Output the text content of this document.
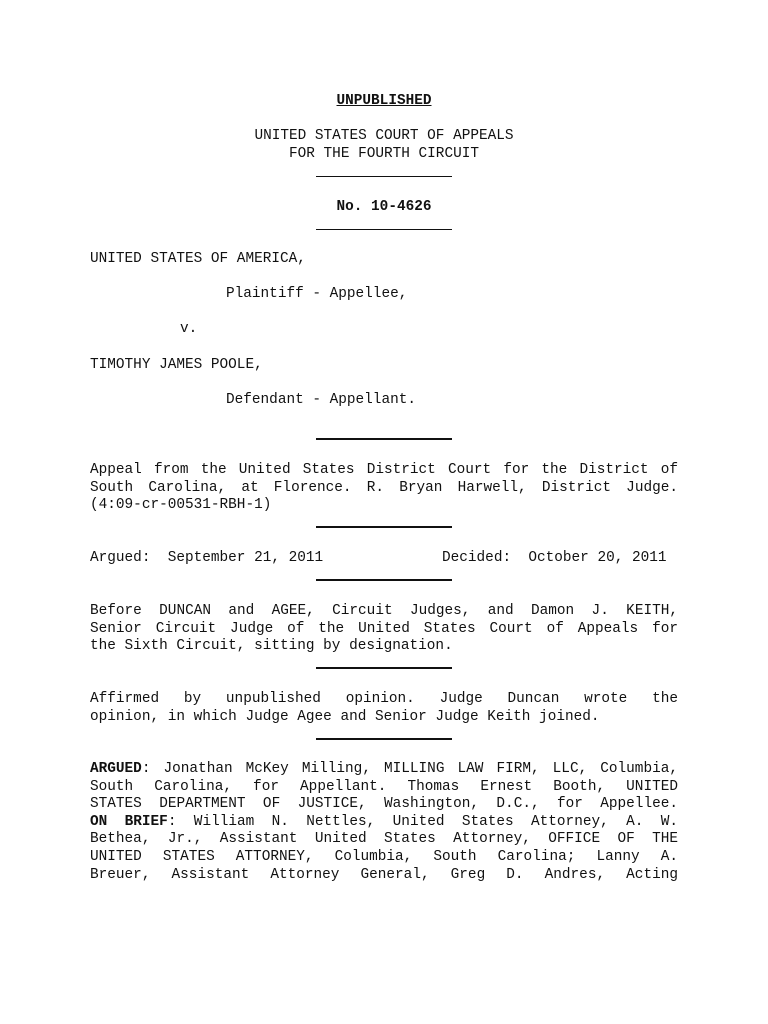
UNPUBLISHED
UNITED STATES COURT OF APPEALS
FOR THE FOURTH CIRCUIT
No. 10-4626
UNITED STATES OF AMERICA,
Plaintiff - Appellee,
v.
TIMOTHY JAMES POOLE,
Defendant - Appellant.
Appeal from the United States District Court for the District of
South Carolina, at Florence. R. Bryan Harwell, District Judge.
(4:09-cr-00531-RBH-1)
Argued:  September 21, 2011	Decided:  October 20, 2011
Before DUNCAN and AGEE, Circuit Judges, and Damon J. KEITH,
Senior Circuit Judge of the United States Court of Appeals for
the Sixth Circuit, sitting by designation.
Affirmed by unpublished opinion. Judge Duncan wrote the
opinion, in which Judge Agee and Senior Judge Keith joined.
ARGUED: Jonathan McKey Milling, MILLING LAW FIRM, LLC, Columbia,
South Carolina, for Appellant. Thomas Ernest Booth, UNITED
STATES DEPARTMENT OF JUSTICE, Washington, D.C., for Appellee.
ON BRIEF: William N. Nettles, United States Attorney, A. W.
Bethea, Jr., Assistant United States Attorney, OFFICE OF THE
UNITED STATES ATTORNEY, Columbia, South Carolina; Lanny A.
Breuer, Assistant Attorney General, Greg D. Andres, Acting
